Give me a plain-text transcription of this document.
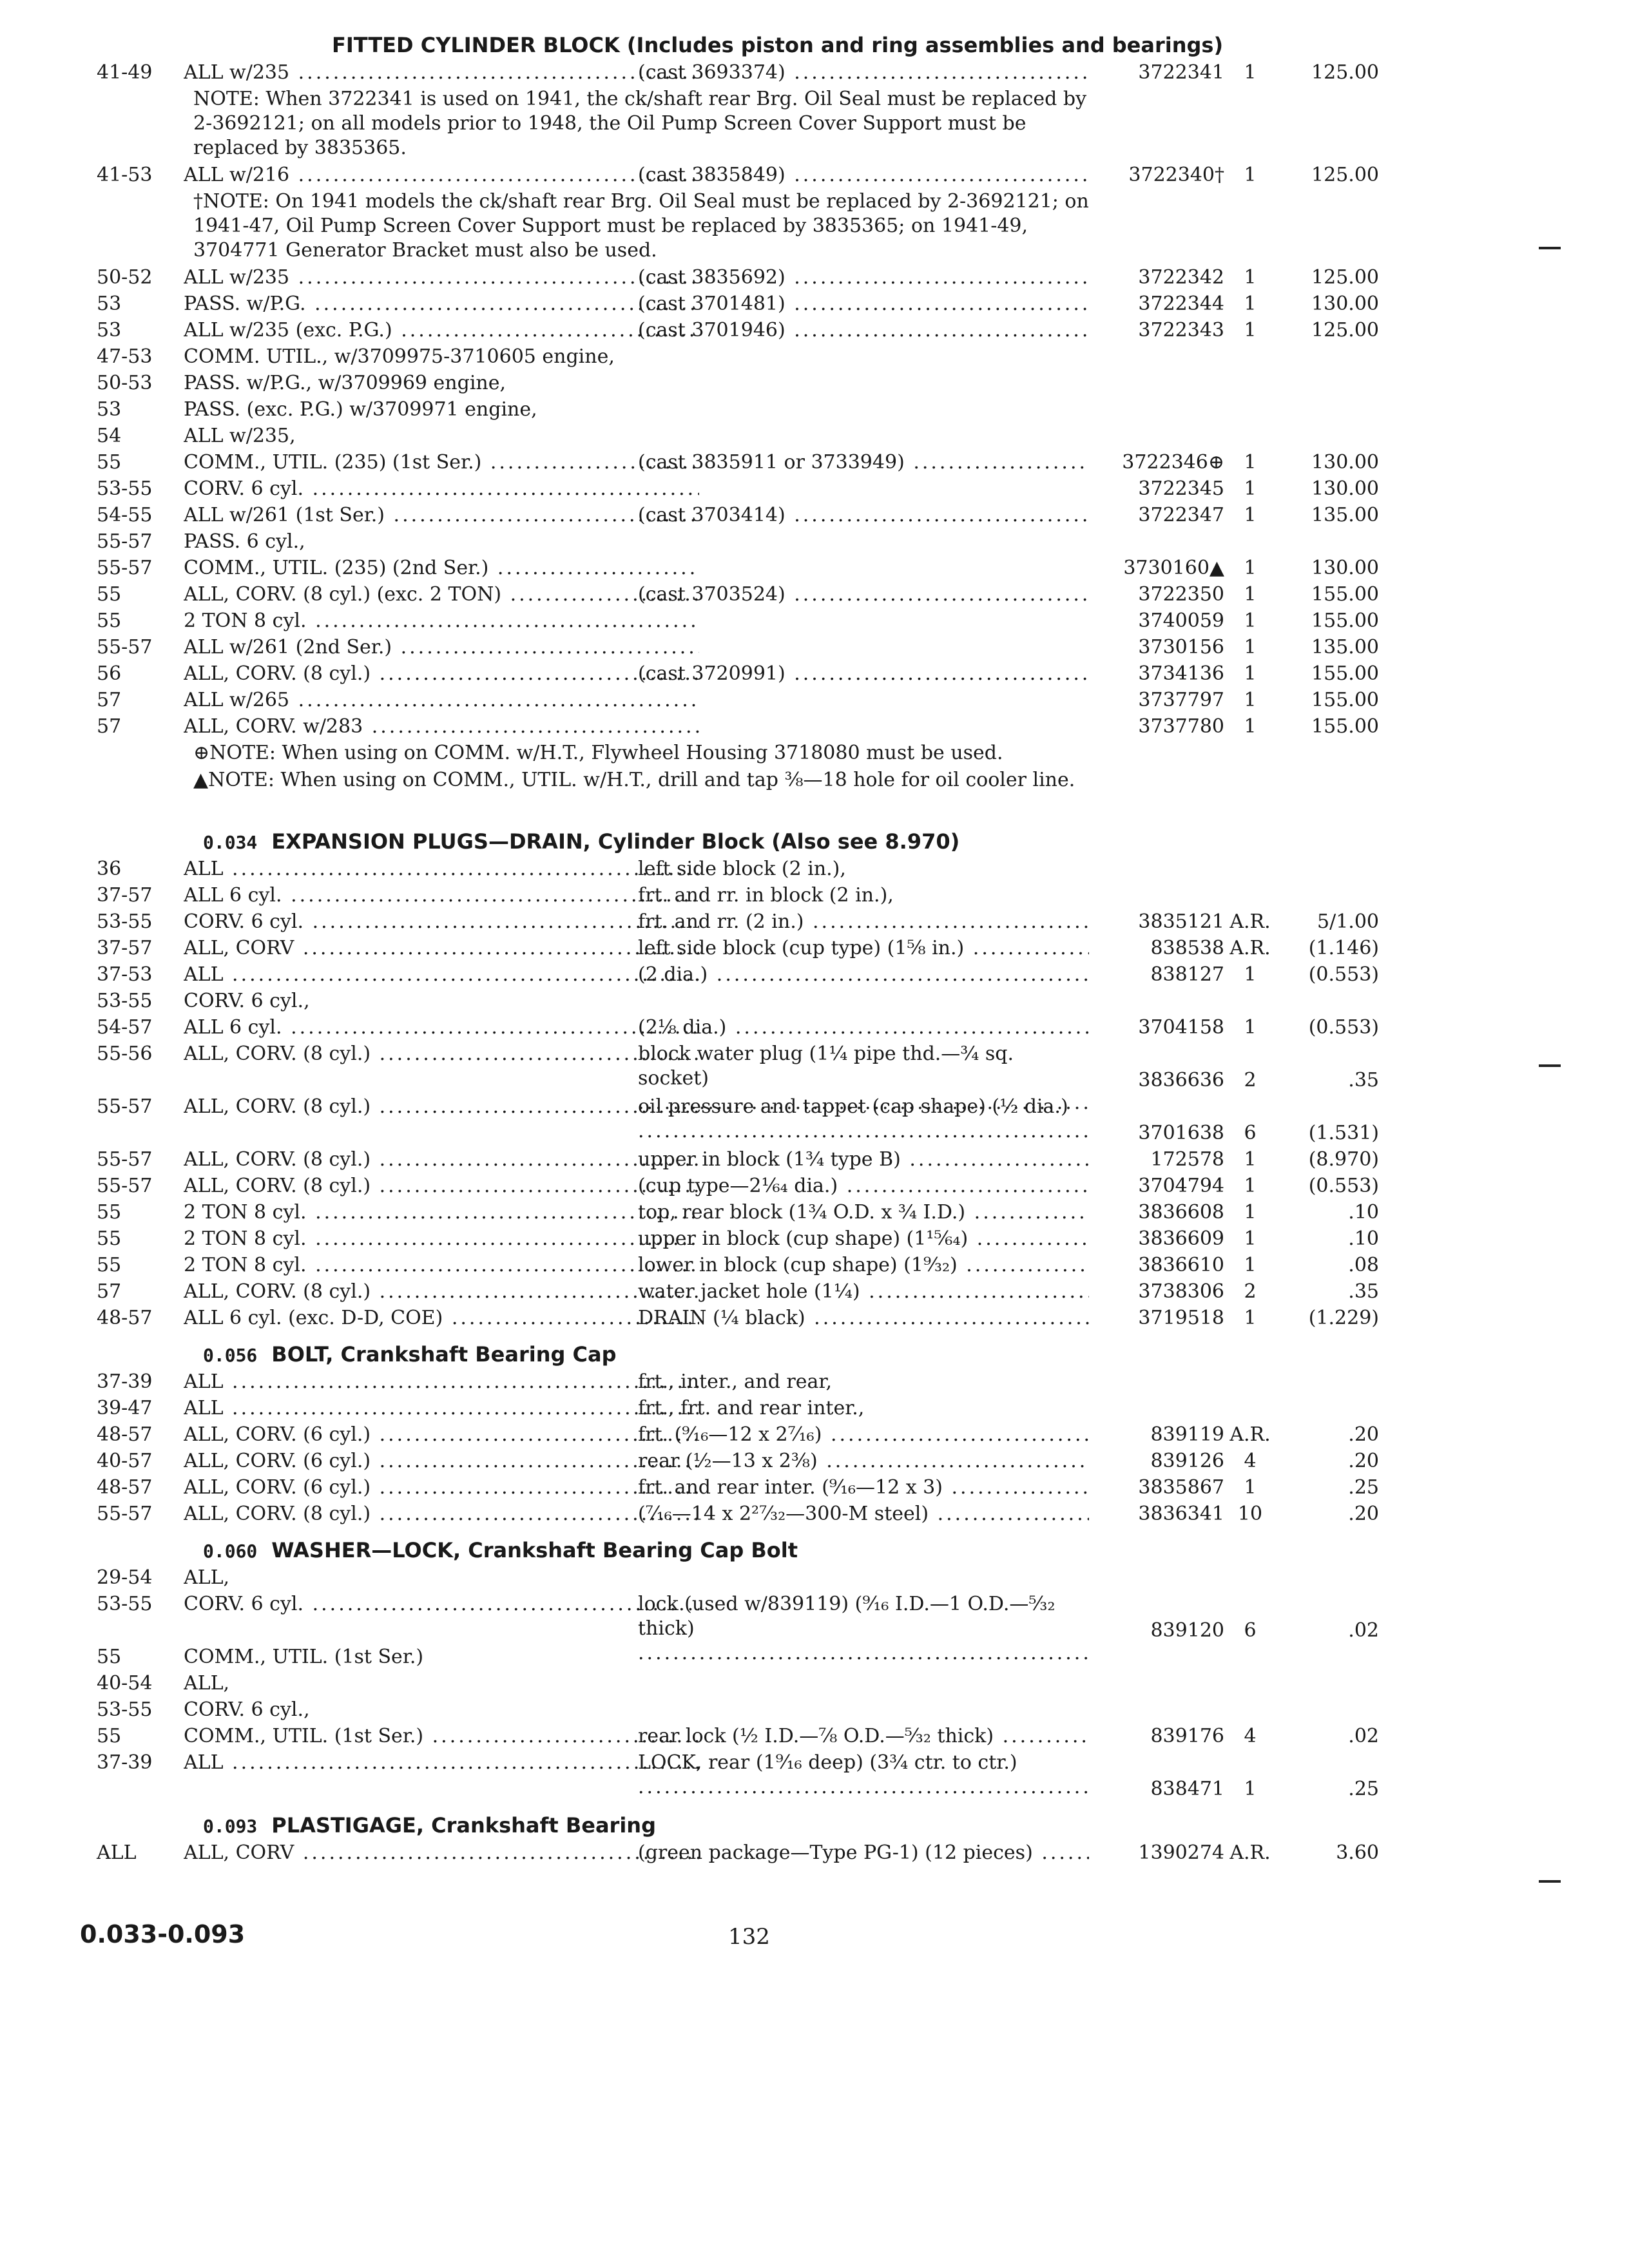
FITTED CYLINDER BLOCK (Includes piston and ring assemblies and bearings)
41-49 ALL w/235 .....	(cast 3693374) .....	3722341	1	125.00
NOTE: When 3722341 is used on 1941, the ck/shaft rear Brg. Oil Seal must be replaced by 2-3692121; on all models prior to 1948, the Oil Pump Screen Cover Support must be replaced by 3835365.
41-53 ALL w/216 .....	(cast 3835849) .....	3722340†	1	125.00
†NOTE: On 1941 models the ck/shaft rear Brg. Oil Seal must be replaced by 2-3692121; on 1941-47, Oil Pump Screen Cover Support must be replaced by 3835365; on 1941-49, 3704771 Generator Bracket must also be used.
50-52 ALL w/235 .....	(cast 3835692) .....	3722342	1	125.00
53	PASS. w/P.G. .....	(cast 3701481) .....	3722344	1	130.00
53	ALL w/235 (exc. P.G.) .....	(cast 3701946) .....	3722343	1	125.00
47-53 COMM. UTIL., w/3709975-3710605 engine,
50-53 PASS. w/P.G., w/3709969 engine,
53	PASS. (exc. P.G.) w/3709971 engine,
54	ALL w/235,
55	COMM., UTIL. (235) (1st Ser.) .....	(cast 3835911 or 3733949) .....	3722346⊕	1	130.00
53-55 CORV. 6 cyl. .....	3722345	1	130.00
54-55 ALL w/261 (1st Ser.) .....	(cast 3703414) .....	3722347	1	135.00
55-57 PASS. 6 cyl.,
55-57 COMM., UTIL. (235) (2nd Ser.) .....	3730160▲	1	130.00
55	ALL, CORV. (8 cyl.) (exc. 2 TON) .....	(cast 3703524) .....	3722350	1	155.00
55	2 TON 8 cyl. .....	3740059	1	155.00
55-57 ALL w/261 (2nd Ser.) .....	3730156	1	135.00
56	ALL, CORV. (8 cyl.) .....	(cast 3720991) .....	3734136	1	155.00
57	ALL w/265 .....	3737797	1	155.00
57	ALL, CORV. w/283 .....	3737780	1	155.00
⊕NOTE: When using on COMM. w/H.T., Flywheel Housing 3718080 must be used.
▲NOTE: When using on COMM., UTIL. w/H.T., drill and tap ⅜—18 hole for oil cooler line.
0.034 EXPANSION PLUGS—DRAIN, Cylinder Block (Also see 8.970)
36	ALL .....	left side block (2 in.),
37-57 ALL 6 cyl. .....	frt. and rr. in block (2 in.),
53-55 CORV. 6 cyl. .....	frt. and rr. (2 in.) .....	3835121 A.R.	5/1.00
37-57 ALL, CORV .....	left side block (cup type) (1⅝ in.) .....	838538 A.R.	(1.146)
37-53 ALL .....	(2 dia.) .....	838127	1	(0.553)
53-55 CORV. 6 cyl.,
54-57 ALL 6 cyl. .....	(2⅛ dia.) .....	3704158	1	(0.553)
55-56 ALL, CORV. (8 cyl.) .....	block water plug (1¼ pipe thd.—¾ sq. socket) .....	3836636	2	.35
55-57 ALL, CORV. (8 cyl.) .....	oil pressure and tappet (cap shape) (½ dia.) .....
3701638	6	(1.531)
55-57 ALL, CORV. (8 cyl.) .....	upper in block (1¾ type B) .....	172578	1	(8.970)
55-57 ALL, CORV. (8 cyl.) .....	(cup type—2¹⁄₆₄ dia.) .....	3704794	1	(0.553)
55	2 TON 8 cyl. .....	top, rear block (1¾ O.D. x ¾ I.D.) .....	3836608	1	.10
55	2 TON 8 cyl. .....	upper in block (cup shape) (1¹⁵⁄₆₄) .....	3836609	1	.10
55	2 TON 8 cyl. .....	lower in block (cup shape) (1⁹⁄₃₂) .....	3836610	1	.08
57	ALL, CORV. (8 cyl.) .....	water jacket hole (1¼) .....	3738306	2	.35
48-57 ALL 6 cyl. (exc. D-D, COE) .....	DRAIN (¼ black) .....	3719518	1	(1.229)
0.056 BOLT, Crankshaft Bearing Cap
37-39 ALL .....	frt., inter., and rear,
39-47 ALL .....	frt., frt. and rear inter.,
48-57 ALL, CORV. (6 cyl.) .....	frt. (⁹⁄₁₆—12 x 2⁷⁄₁₆) .....	839119 A.R.	.20
40-57 ALL, CORV. (6 cyl.) .....	rear (½—13 x 2⅜) .....	839126	4	.20
48-57 ALL, CORV. (6 cyl.) .....	frt. and rear inter. (⁹⁄₁₆—12 x 3) .....	3835867	1	.25
55-57 ALL, CORV. (8 cyl.) .....	(⁷⁄₁₆—14 x 2²⁷⁄₃₂—300-M steel) .....	3836341 10	.20
0.060 WASHER—LOCK, Crankshaft Bearing Cap Bolt
29-54 ALL,
53-55 CORV. 6 cyl. .....	lock (used w/839119) (⁹⁄₁₆ I.D.—1 O.D.—⁵⁄₃₂ thick) .....	839120	6	.02
55	COMM., UTIL. (1st Ser.)
40-54 ALL,
53-55 CORV. 6 cyl.,
55	COMM., UTIL. (1st Ser.) .....	rear lock (½ I.D.—⅞ O.D.—⁵⁄₃₂ thick) .....	839176	4	.02
37-39 ALL .....	LOCK, rear (1⁹⁄₁₆ deep) (3¾ ctr. to ctr.) .....
838471	1	.25
0.093 PLASTIGAGE, Crankshaft Bearing
ALL ALL, CORV .....	(green package—Type PG-1) (12 pieces) .....	1390274 A.R.	3.60
0.033-0.093	132
